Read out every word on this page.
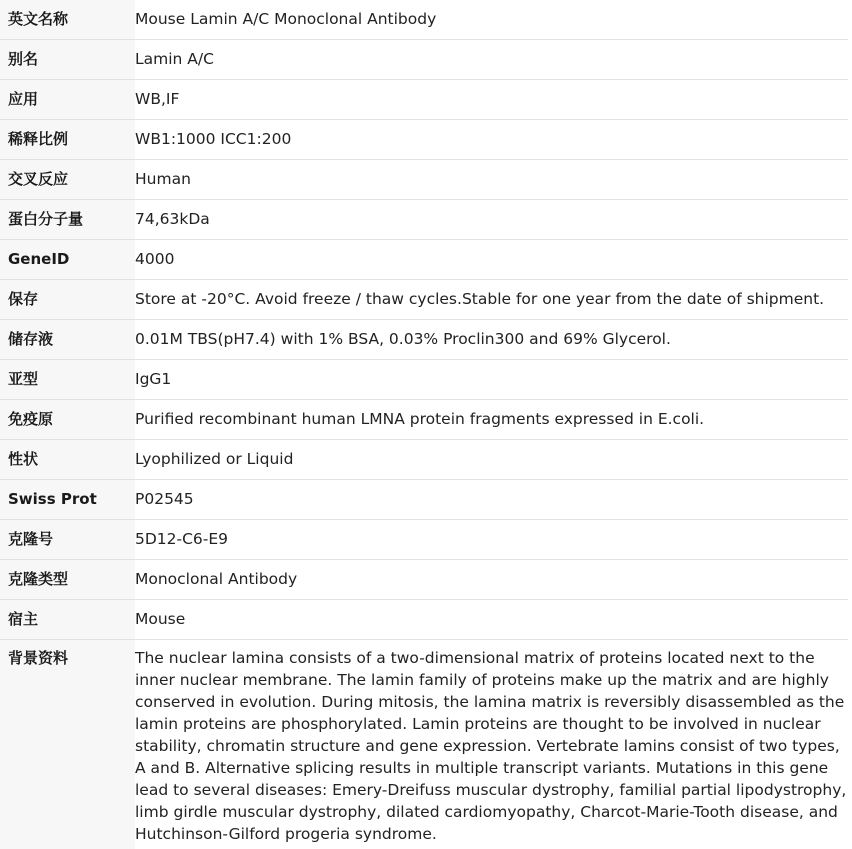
英文名称	Mouse Lamin A/C Monoclonal Antibody
别名	Lamin A/C
应用	WB,IF
稀释比例	WB1:1000 ICC1:200
交叉反应	Human
蛋白分子量	74,63kDa
GeneID	4000
保存	Store at -20°C. Avoid freeze / thaw cycles.Stable for one year from the date of shipment.
储存液	0.01M TBS(pH7.4) with 1% BSA, 0.03% Proclin300 and 69% Glycerol.
亚型	IgG1
免疫原	Purified recombinant human LMNA protein fragments expressed in E.coli.
性状	Lyophilized or Liquid
Swiss Prot	P02545
克隆号	5D12-C6-E9
克隆类型	Monoclonal Antibody
宿主	Mouse
背景资料	The nuclear lamina consists of a two-dimensional matrix of proteins located next to the inner nuclear membrane. The lamin family of proteins make up the matrix and are highly conserved in evolution. During mitosis, the lamina matrix is reversibly disassembled as the lamin proteins are phosphorylated. Lamin proteins are thought to be involved in nuclear stability, chromatin structure and gene expression. Vertebrate lamins consist of two types, A and B. Alternative splicing results in multiple transcript variants. Mutations in this gene lead to several diseases: Emery-Dreifuss muscular dystrophy, familial partial lipodystrophy, limb girdle muscular dystrophy, dilated cardiomyopathy, Charcot-Marie-Tooth disease, and Hutchinson-Gilford progeria syndrome.
